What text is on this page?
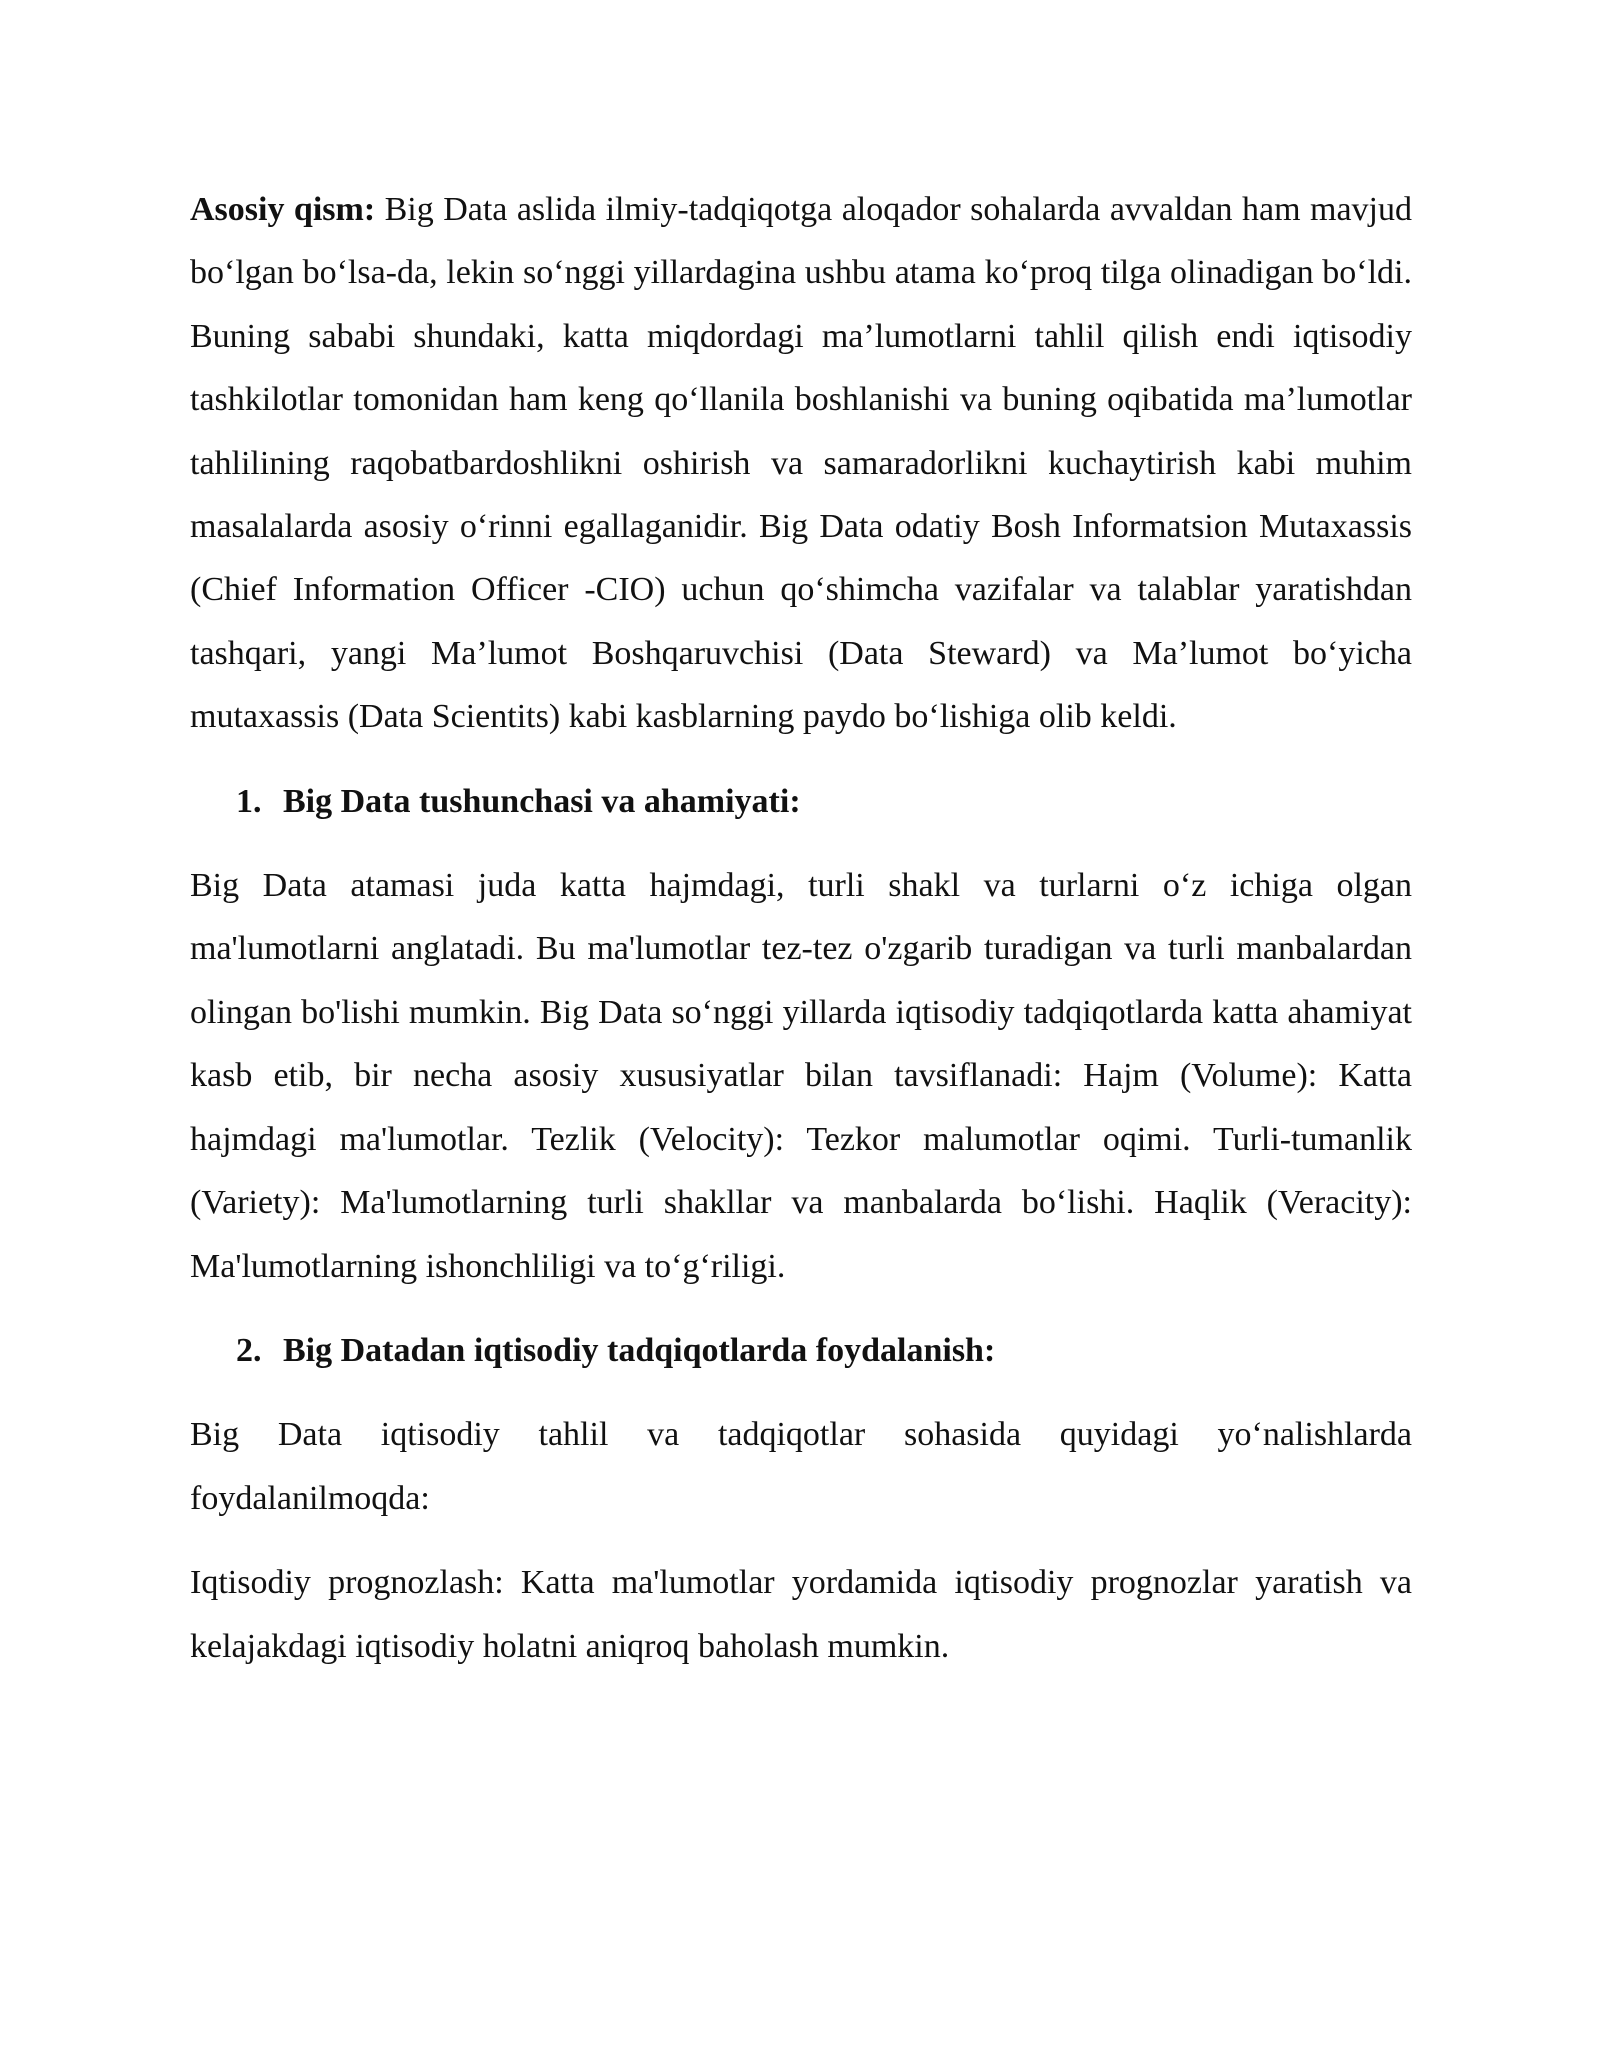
Asosiy qism: Big Data aslida ilmiy-tadqiqotga aloqador sohalarda avvaldan ham mavjud bo‘lgan bo‘lsa-da, lekin so‘nggi yillardagina ushbu atama ko‘proq tilga olinadigan bo‘ldi. Buning sababi shundaki, katta miqdordagi ma’lumotlarni tahlil qilish endi iqtisodiy tashkilotlar tomonidan ham keng qo‘llanila boshlanishi va buning oqibatida ma’lumotlar tahlilining raqobatbardoshlikni oshirish va samaradorlikni kuchaytirish kabi muhim masalalarda asosiy o‘rinni egallaganidir. Big Data odatiy Bosh Informatsion Mutaxassis (Chief Information Officer -CIO) uchun qo‘shimcha vazifalar va talablar yaratishdan tashqari, yangi Ma’lumot Boshqaruvchisi (Data Steward) va Ma’lumot bo‘yicha mutaxassis (Data Scientits) kabi kasblarning paydo bo‘lishiga olib keldi.

1. Big Data tushunchasi va ahamiyati:

Big Data atamasi juda katta hajmdagi, turli shakl va turlarni o‘z ichiga olgan ma'lumotlarni anglatadi. Bu ma'lumotlar tez-tez o'zgarib turadigan va turli manbalardan olingan bo'lishi mumkin. Big Data so‘nggi yillarda iqtisodiy tadqiqotlarda katta ahamiyat kasb etib, bir necha asosiy xususiyatlar bilan tavsiflanadi: Hajm (Volume): Katta hajmdagi ma'lumotlar. Tezlik (Velocity): Tezkor malumotlar oqimi. Turli-tumanlik (Variety): Ma'lumotlarning turli shakllar va manbalarda bo‘lishi. Haqlik (Veracity): Ma'lumotlarning ishonchliligi va to‘g‘riligi.

2. Big Datadan iqtisodiy tadqiqotlarda foydalanish:

Big Data iqtisodiy tahlil va tadqiqotlar sohasida quyidagi yo‘nalishlarda foydalanilmoqda:

Iqtisodiy prognozlash: Katta ma'lumotlar yordamida iqtisodiy prognozlar yaratish va kelajakdagi iqtisodiy holatni aniqroq baholash mumkin.
